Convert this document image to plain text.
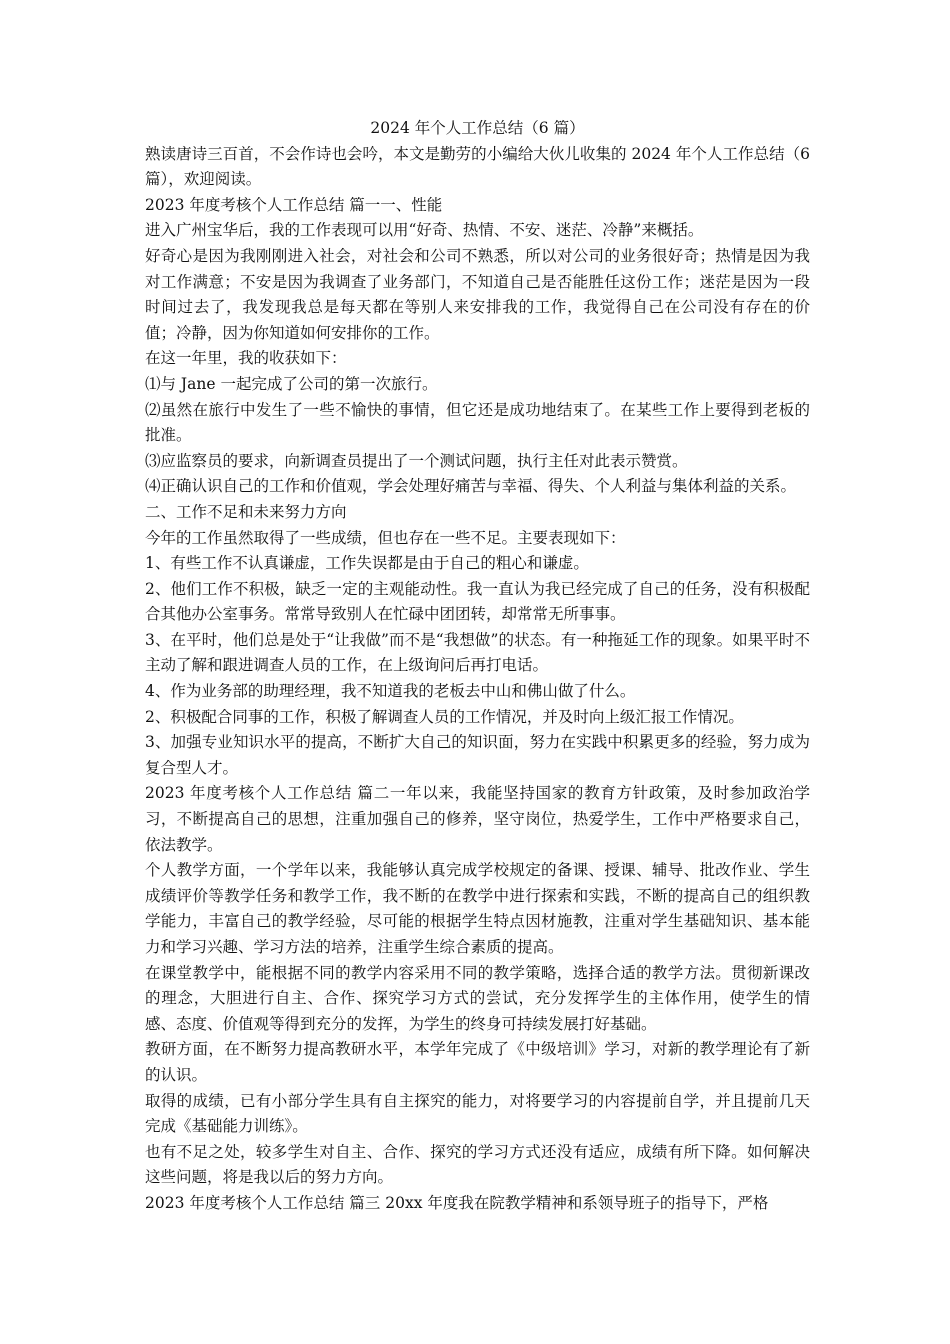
2024 年个人工作总结（6 篇）

熟读唐诗三百首，不会作诗也会吟，本文是勤劳的小编给大伙儿收集的 2024 年个人工作总结（6 篇），欢迎阅读。

2023 年度考核个人工作总结 篇一一、性能

进入广州宝华后，我的工作表现可以用“好奇、热情、不安、迷茫、冷静”来概括。

好奇心是因为我刚刚进入社会，对社会和公司不熟悉，所以对公司的业务很好奇；热情是因为我对工作满意；不安是因为我调查了业务部门，不知道自己是否能胜任这份工作；迷茫是因为一段时间过去了，我发现我总是每天都在等别人来安排我的工作，我觉得自己在公司没有存在的价值；冷静，因为你知道如何安排你的工作。

在这一年里，我的收获如下：

⑴与 Jane 一起完成了公司的第一次旅行。

⑵虽然在旅行中发生了一些不愉快的事情，但它还是成功地结束了。在某些工作上要得到老板的批准。

⑶应监察员的要求，向新调查员提出了一个测试问题，执行主任对此表示赞赏。

⑷正确认识自己的工作和价值观，学会处理好痛苦与幸福、得失、个人利益与集体利益的关系。

二、工作不足和未来努力方向

今年的工作虽然取得了一些成绩，但也存在一些不足。主要表现如下：

1、有些工作不认真谦虚，工作失误都是由于自己的粗心和谦虚。

2、他们工作不积极，缺乏一定的主观能动性。我一直认为我已经完成了自己的任务，没有积极配合其他办公室事务。常常导致别人在忙碌中团团转，却常常无所事事。

3、在平时，他们总是处于“让我做”而不是“我想做”的状态。有一种拖延工作的现象。如果平时不主动了解和跟进调查人员的工作，在上级询问后再打电话。

4、作为业务部的助理经理，我不知道我的老板去中山和佛山做了什么。

2、积极配合同事的工作，积极了解调查人员的工作情况，并及时向上级汇报工作情况。

3、加强专业知识水平的提高，不断扩大自己的知识面，努力在实践中积累更多的经验，努力成为复合型人才。

2023 年度考核个人工作总结 篇二一年以来，我能坚持国家的教育方针政策，及时参加政治学习，不断提高自己的思想，注重加强自己的修养，坚守岗位，热爱学生，工作中严格要求自己，依法教学。

个人教学方面，一个学年以来，我能够认真完成学校规定的备课、授课、辅导、批改作业、学生成绩评价等教学任务和教学工作，我不断的在教学中进行探索和实践，不断的提高自己的组织教学能力，丰富自己的教学经验，尽可能的根据学生特点因材施教，注重对学生基础知识、基本能力和学习兴趣、学习方法的培养，注重学生综合素质的提高。

在课堂教学中，能根据不同的教学内容采用不同的教学策略，选择合适的教学方法。贯彻新课改的理念，大胆进行自主、合作、探究学习方式的尝试，充分发挥学生的主体作用，使学生的情感、态度、价值观等得到充分的发挥，为学生的终身可持续发展打好基础。

教研方面，在不断努力提高教研水平，本学年完成了《中级培训》学习，对新的教学理论有了新的认识。

取得的成绩，已有小部分学生具有自主探究的能力，对将要学习的内容提前自学，并且提前几天完成《基础能力训练》。

也有不足之处，较多学生对自主、合作、探究的学习方式还没有适应，成绩有所下降。如何解决这些问题，将是我以后的努力方向。

2023 年度考核个人工作总结 篇三 20xx 年度我在院教学精神和系领导班子的指导下，严格
